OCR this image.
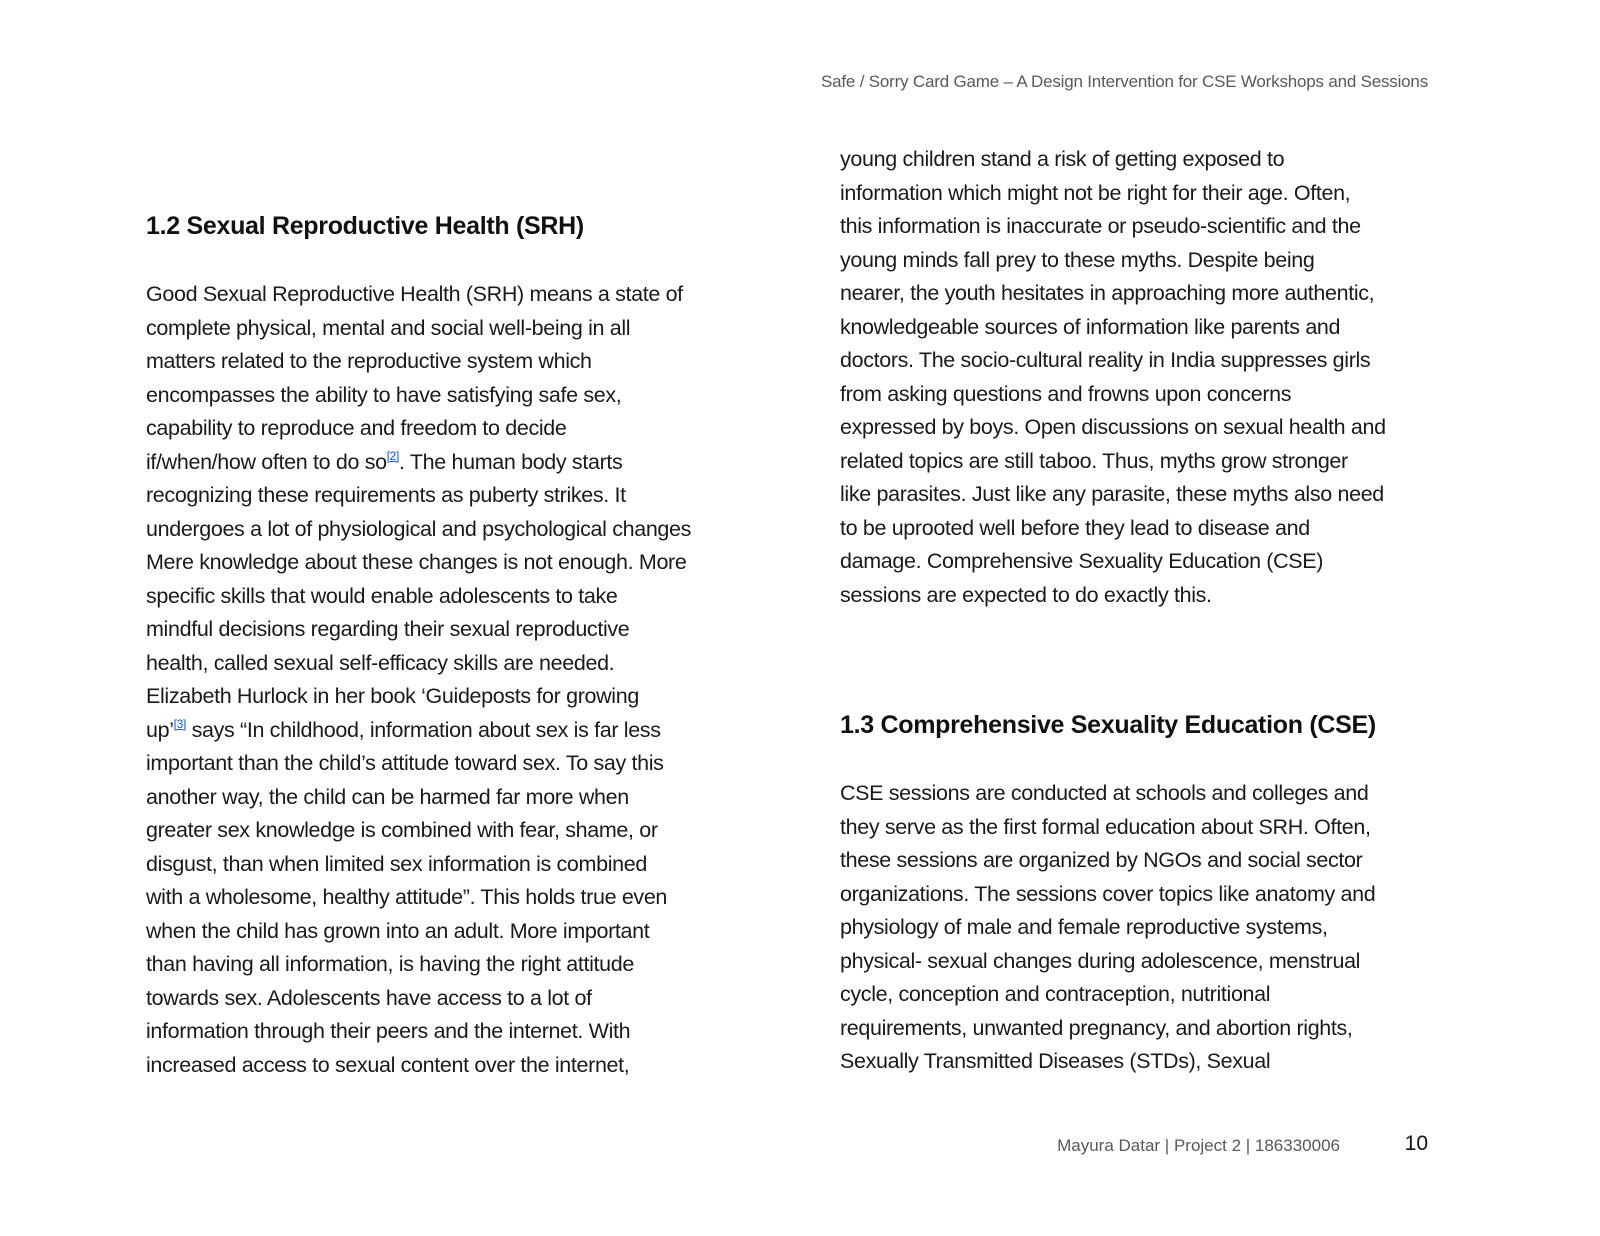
Safe / Sorry Card Game – A Design Intervention for CSE Workshops and Sessions
1.2 Sexual Reproductive Health (SRH)

Good Sexual Reproductive Health (SRH) means a state of
complete physical, mental and social well-being in all
matters related to the reproductive system which
encompasses the ability to have satisfying safe sex,
capability to reproduce and freedom to decide
if/when/how often to do so[2]. The human body starts
recognizing these requirements as puberty strikes. It
undergoes a lot of physiological and psychological changes
Mere knowledge about these changes is not enough. More
specific skills that would enable adolescents to take
mindful decisions regarding their sexual reproductive
health, called sexual self-efficacy skills are needed.
Elizabeth Hurlock in her book ‘Guideposts for growing
up’[3] says “In childhood, information about sex is far less
important than the child’s attitude toward sex. To say this
another way, the child can be harmed far more when
greater sex knowledge is combined with fear, shame, or
disgust, than when limited sex information is combined
with a wholesome, healthy attitude”. This holds true even
when the child has grown into an adult. More important
than having all information, is having the right attitude
towards sex. Adolescents have access to a lot of
information through their peers and the internet. With
increased access to sexual content over the internet,

young children stand a risk of getting exposed to
information which might not be right for their age. Often,
this information is inaccurate or pseudo-scientific and the
young minds fall prey to these myths. Despite being
nearer, the youth hesitates in approaching more authentic,
knowledgeable sources of information like parents and
doctors. The socio-cultural reality in India suppresses girls
from asking questions and frowns upon concerns
expressed by boys. Open discussions on sexual health and
related topics are still taboo. Thus, myths grow stronger
like parasites. Just like any parasite, these myths also need
to be uprooted well before they lead to disease and
damage. Comprehensive Sexuality Education (CSE)
sessions are expected to do exactly this.

1.3 Comprehensive Sexuality Education (CSE)

CSE sessions are conducted at schools and colleges and
they serve as the first formal education about SRH. Often,
these sessions are organized by NGOs and social sector
organizations. The sessions cover topics like anatomy and
physiology of male and female reproductive systems,
physical- sexual changes during adolescence, menstrual
cycle, conception and contraception, nutritional
requirements, unwanted pregnancy, and abortion rights,
Sexually Transmitted Diseases (STDs), Sexual

Mayura Datar | Project 2 | 186330006	10
